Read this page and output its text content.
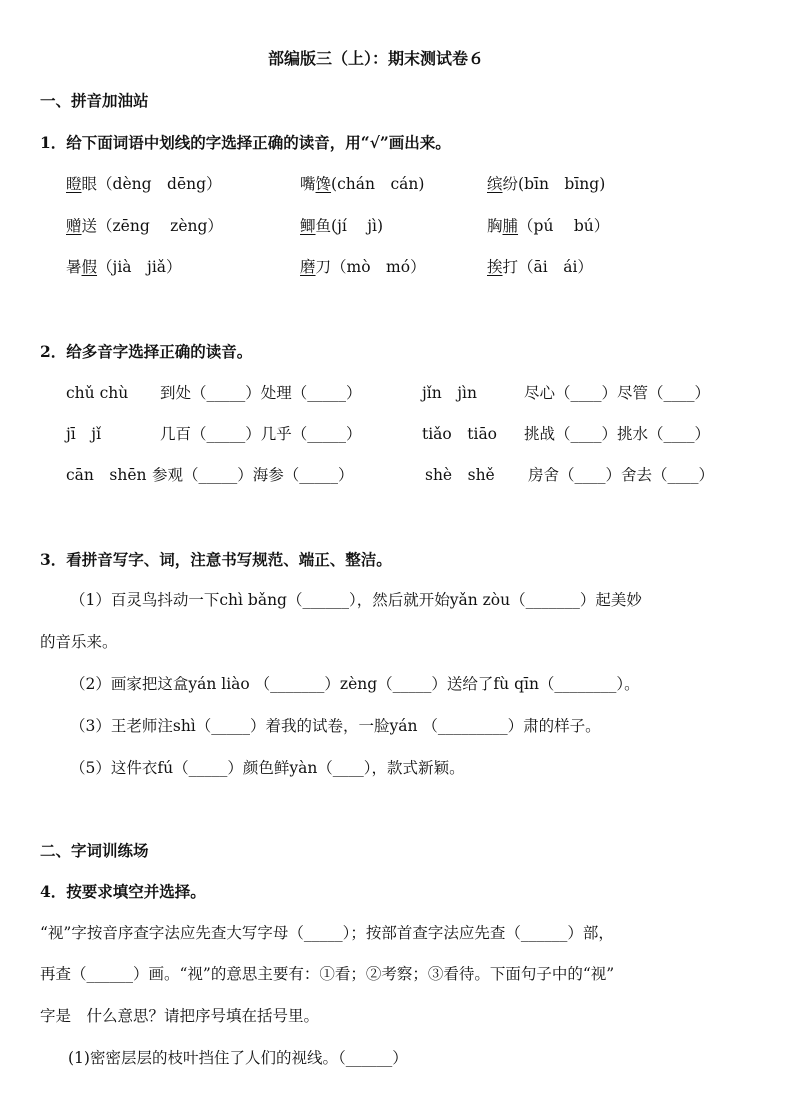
部编版三（上）：期末测试卷６
一、拼音加油站
1．给下面词语中划线的字选择正确的读音，用“√”画出来。
瞪眼（dèng　dēng）	嘴馋(chán　cán)	缤纷(bīn　bīng)
赠送（zēng　 zèng）	鲫鱼(jí　 jì)	胸脯（pú　 bú）
暑假（jià　jiǎ）	磨刀（mò　mó）	挨打（āi　ái）
2．给多音字选择正确的读音。
chǔ chù 到处（_____）处理（_____）	jǐn　jìn	尽心（____）尽管（____）
jī　jǐ	几百（_____）几乎（_____）	tiǎo　tiāo 挑战（____）挑水（____）
cān　shēn 参观（_____）海参（_____）	shè　shě 房舍（____）舍去（____）
3．看拼音写字、词，注意书写规范、端正、整洁。
（1）百灵鸟抖动一下chì bǎng（______），然后就开始yǎn zòu（_______）起美妙
的音乐来。
（2）画家把这盒yán liào （_______）zèng（_____）送给了fù qīn（________）。
（3）王老师注shì（_____）着我的试卷，一脸yán （_________）肃的样子。
（5）这件衣fú（_____）颜色鲜yàn（____），款式新颖。
二、字词训练场
4．按要求填空并选择。
“视”字按音序查字法应先查大写字母（_____）；按部首查字法应先查（______）部，
再查（______）画。“视”的意思主要有：①看；②考察；③看待。下面句子中的“视”
字是　什么意思？请把序号填在括号里。
(1)密密层层的枝叶挡住了人们的视线。（______）
